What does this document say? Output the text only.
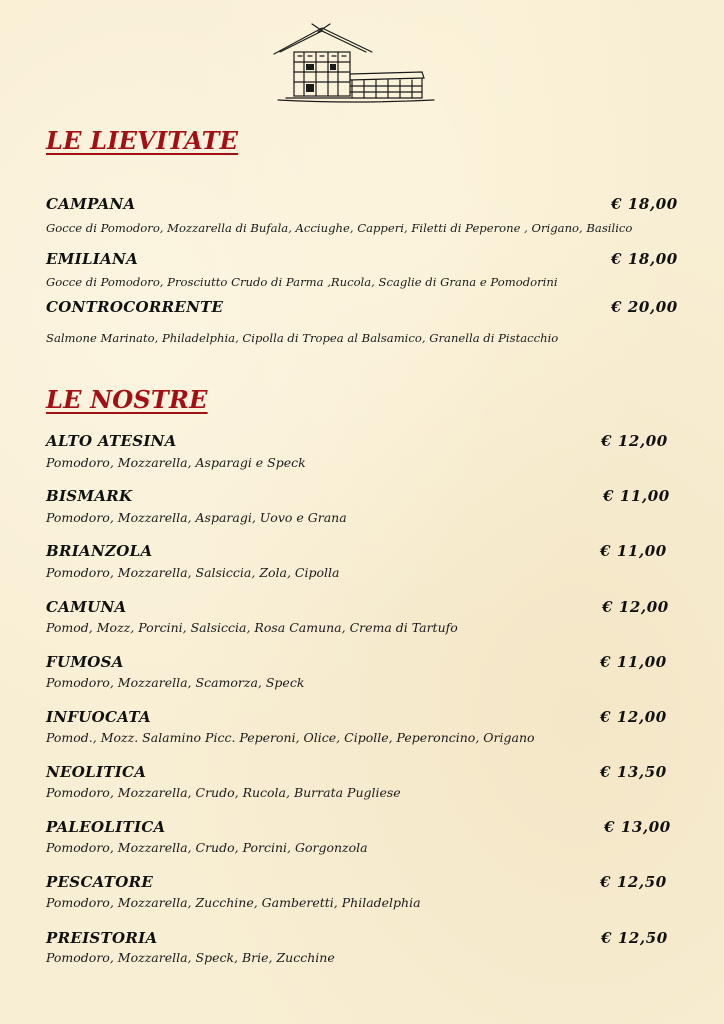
LE LIEVITATE
CAMPANA	€ 18,00
Gocce di Pomodoro, Mozzarella di Bufala, Acciughe, Capperi, Filetti di Peperone , Origano, Basilico
EMILIANA	€ 18,00
Gocce di Pomodoro, Prosciutto Crudo di Parma ,Rucola, Scaglie di Grana e Pomodorini
CONTROCORRENTE	€ 20,00
Salmone Marinato, Philadelphia, Cipolla di Tropea al Balsamico, Granella di Pistacchio
LE NOSTRE
ALTO ATESINA	€ 12,00
Pomodoro, Mozzarella, Asparagi e Speck
BISMARK	€ 11,00
Pomodoro, Mozzarella, Asparagi, Uovo e Grana
BRIANZOLA	€ 11,00
Pomodoro, Mozzarella, Salsiccia, Zola, Cipolla
CAMUNA	€ 12,00
Pomod, Mozz, Porcini, Salsiccia, Rosa Camuna, Crema di Tartufo
FUMOSA	€ 11,00
Pomodoro, Mozzarella, Scamorza, Speck
INFUOCATA	€ 12,00
Pomod., Mozz. Salamino Picc. Peperoni, Olice, Cipolle, Peperoncino, Origano
NEOLITICA	€ 13,50
Pomodoro, Mozzarella, Crudo, Rucola, Burrata Pugliese
PALEOLITICA	€ 13,00
Pomodoro, Mozzarella, Crudo, Porcini, Gorgonzola
PESCATORE	€ 12,50
Pomodoro, Mozzarella, Zucchine, Gamberetti, Philadelphia
PREISTORIA	€ 12,50
Pomodoro, Mozzarella, Speck, Brie, Zucchine
